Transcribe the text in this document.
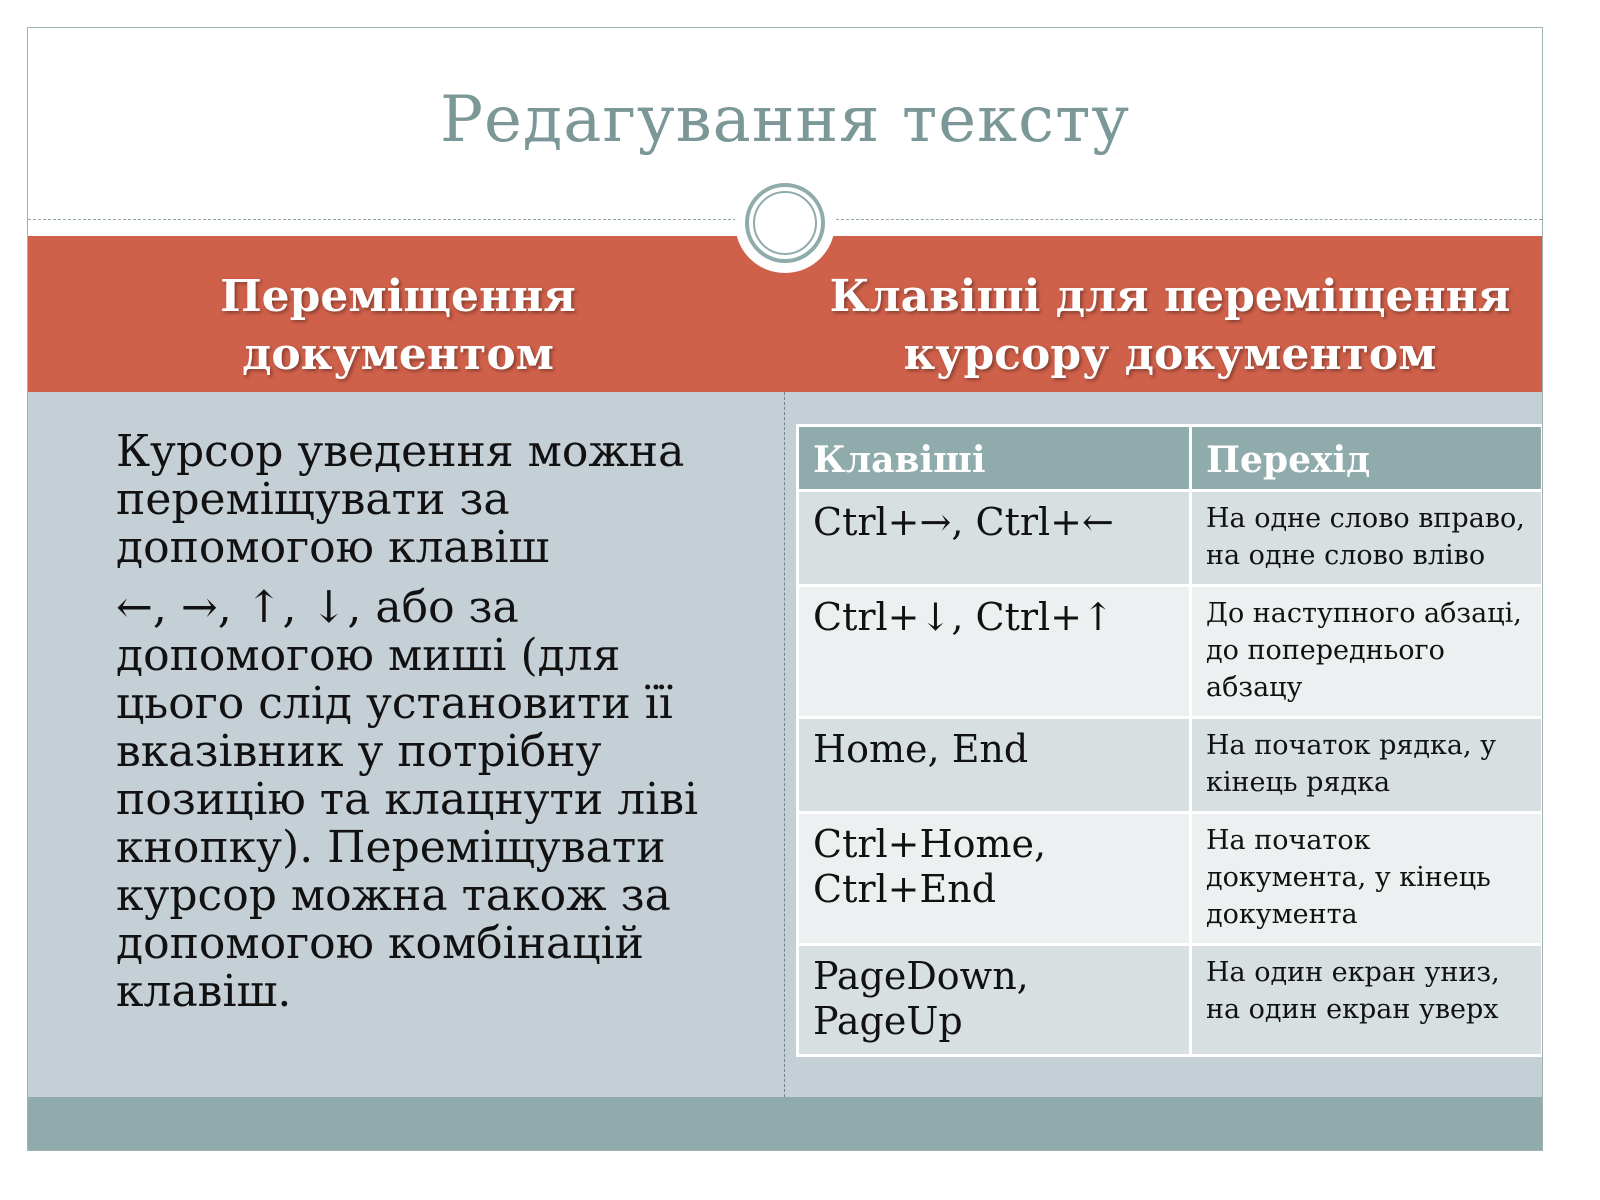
Редагування тексту
Переміщення
документом
Клавіші для переміщення
курсору документом

Курсор уведення можна переміщувати за допомогою клавіш

←, →, ↑, ↓, або за допомогою миші (для цього слід установити її вказівник у потрібну позицію та клацнути ліві кнопку). Переміщувати курсор можна також за допомогою комбінацій клавіш.

Клавіші	Перехід
Ctrl+→, Ctrl+←	На одне слово вправо, на одне слово вліво
Ctrl+↓, Ctrl+↑	До наступного абзаці, до попереднього абзацу
Home, End	На початок рядка, у кінець рядка
Ctrl+Home, Ctrl+End	На початок документа, у кінець документа
PageDown, PageUp	На один екран униз, на один екран уверх
